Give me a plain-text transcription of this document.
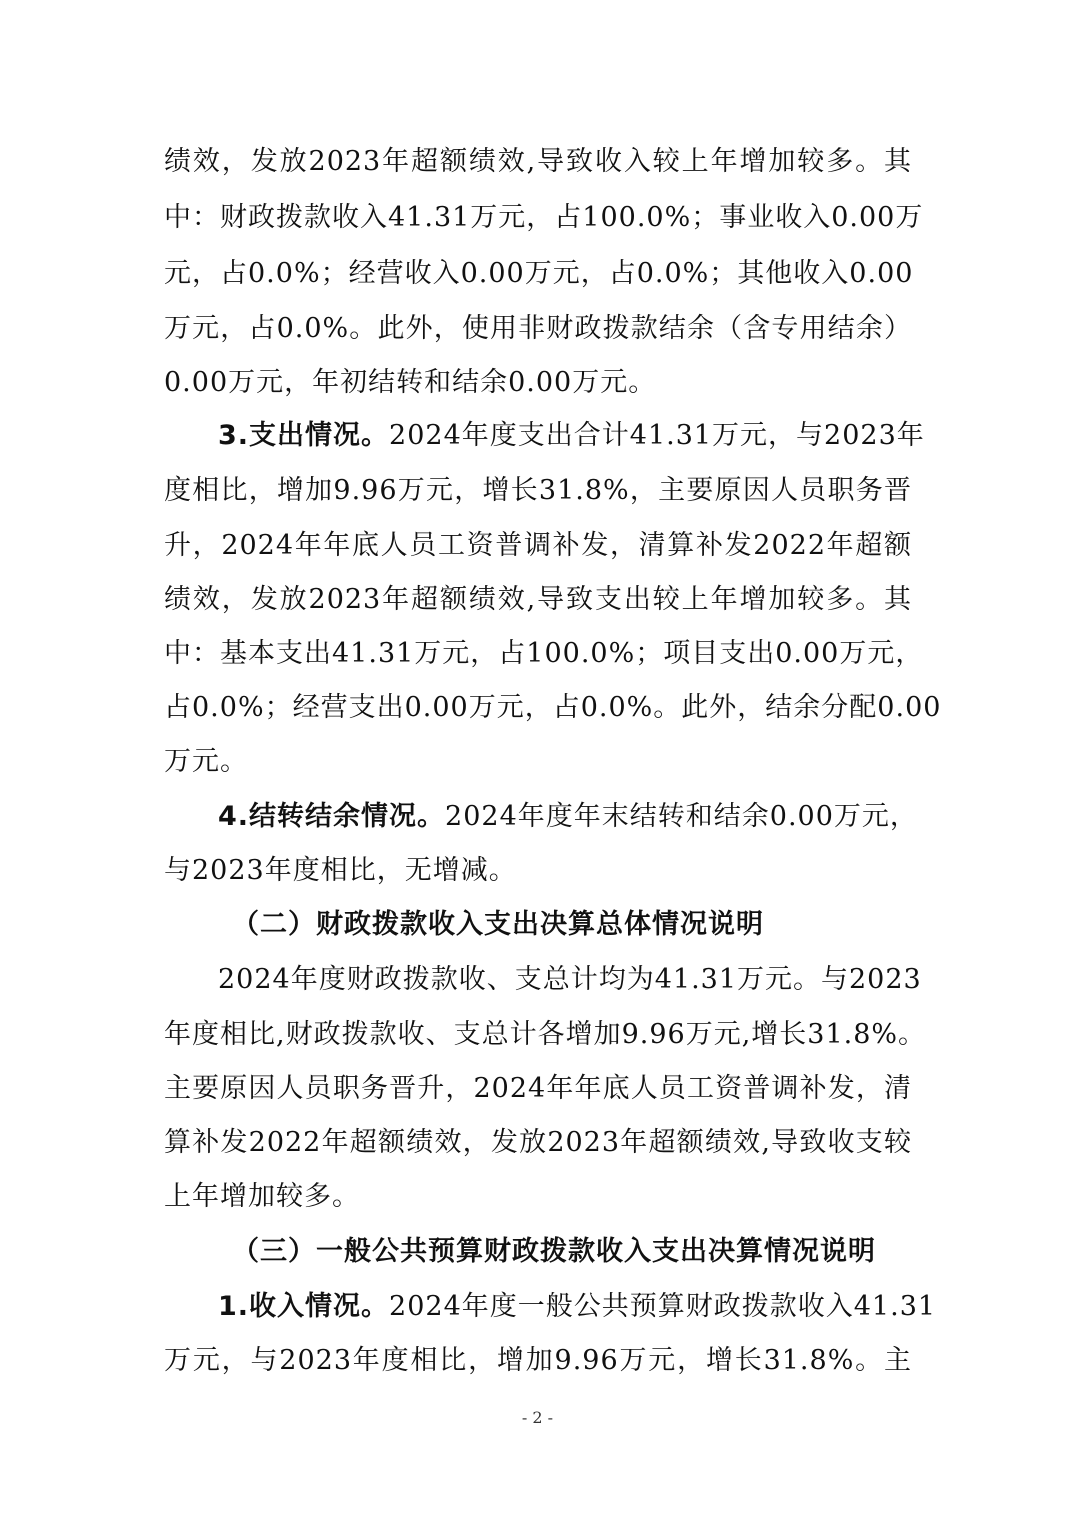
绩效，发放2023年超额绩效,导致收入较上年增加较多。其
中：财政拨款收入41.31万元，占100.0%；事业收入0.00万
元，占0.0%；经营收入0.00万元，占0.0%；其他收入0.00
万元，占0.0%。此外，使用非财政拨款结余（含专用结余）
0.00万元，年初结转和结余0.00万元。
3.支出情况。2024年度支出合计41.31万元，与2023年
度相比，增加9.96万元，增长31.8%，主要原因人员职务晋
升，2024年年底人员工资普调补发，清算补发2022年超额
绩效，发放2023年超额绩效,导致支出较上年增加较多。其
中：基本支出41.31万元，占100.0%；项目支出0.00万元，
占0.0%；经营支出0.00万元，占0.0%。此外，结余分配0.00
万元。
4.结转结余情况。2024年度年末结转和结余0.00万元，
与2023年度相比，无增减。
（二）财政拨款收入支出决算总体情况说明
2024年度财政拨款收、支总计均为41.31万元。与2023
年度相比,财政拨款收、支总计各增加9.96万元,增长31.8%。
主要原因人员职务晋升，2024年年底人员工资普调补发，清
算补发2022年超额绩效，发放2023年超额绩效,导致收支较
上年增加较多。
（三）一般公共预算财政拨款收入支出决算情况说明
1.收入情况。2024年度一般公共预算财政拨款收入41.31
万元，与2023年度相比，增加9.96万元，增长31.8%。主
- 2 -
